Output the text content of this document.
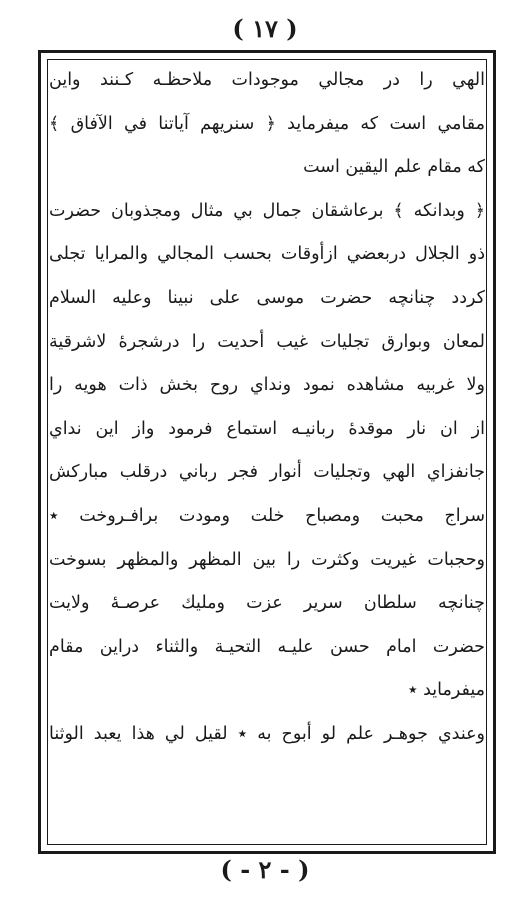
( ١٧ )
الهي را در مجالي موجودات ملاحظـه كـنند واين
مقامي است كه ميفرمايد ﴿ سنريهم آياتنا في الآفاق ﴾
كه مقام علم اليقين است
﴿ وبدانكه ﴾ برعاشقان جمال بي مثال ومجذوبان حضرت
ذو الجلال دربعضي ازأوقات بحسب المجالي والمرايا تجلى
كردد چنانچه حضرت موسى على نبينا وعليه السلام
لمعان وبوارق تجليات غيب أحديت را درشجرۀ لاشرقية
ولا غربيه مشاهده نمود ونداي روح بخش ذات هويه را
از ان نار موقدۀ ربانيـه استماع فرمود واز اين نداي
جانفزاي الهي وتجليات أنوار فجر رباني درقلب مبارکش
سراج محبت ومصباح خلت ومودت برافـروخت ٭
وحجبات غيريت وكثرت را بين المظهر والمظهر بسوخت
چنانچه سلطان سرير عزت ومليك عرصـۀ ولايت
حضرت امام حسن عليـه التحيـة والثناء دراين مقام
ميفرمايد ٭
وعندي جوهـر علم لو أبوح به ٭ لقيل لي هذا يعبد الوثنا
( - ٢ - )
